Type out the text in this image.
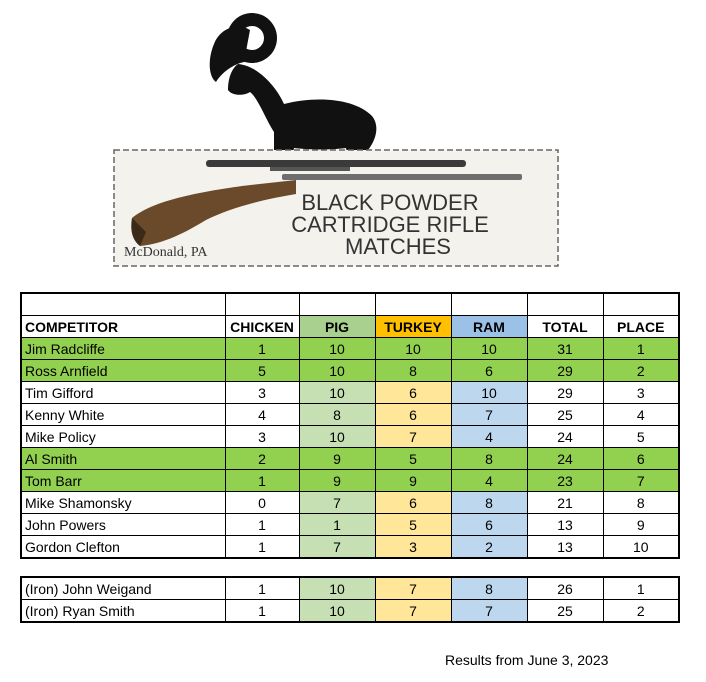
BLACK POWDER
CARTRIDGE RIFLE
MATCHES
McDonald, PA

COMPETITOR	CHICKEN	PIG	TURKEY	RAM	TOTAL	PLACE
Jim Radcliffe	1	10	10	10	31	1
Ross Arnfield	5	10	8	6	29	2
Tim Gifford	3	10	6	10	29	3
Kenny White	4	8	6	7	25	4
Mike Policy	3	10	7	4	24	5
Al Smith	2	9	5	8	24	6
Tom Barr	1	9	9	4	23	7
Mike Shamonsky	0	7	6	8	21	8
John Powers	1	1	5	6	13	9
Gordon Clefton	1	7	3	2	13	10
(Iron) John Weigand	1	10	7	8	26	1
(Iron) Ryan Smith	1	10	7	7	25	2
Results from June 3, 2023
